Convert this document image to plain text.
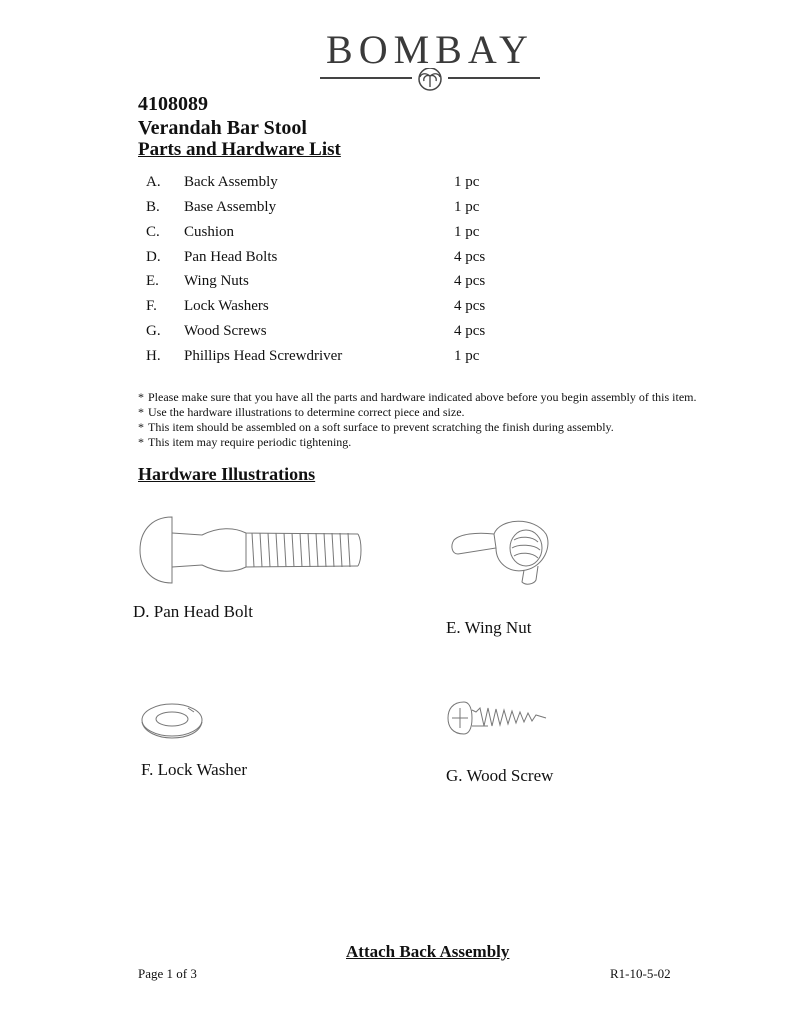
BOMBAY
4108089
Verandah Bar Stool
Parts and Hardware List
A. Back Assembly	1 pc
B. Base Assembly	1 pc
C. Cushion	1 pc
D. Pan Head Bolts	4 pcs
E. Wing Nuts	4 pcs
F. Lock Washers	4 pcs
G. Wood Screws	4 pcs
H. Phillips Head Screwdriver	1 pc
* Please make sure that you have all the parts and hardware indicated above before you begin assembly of this item.
* Use the hardware illustrations to determine correct piece and size.
* This item should be assembled on a soft surface to prevent scratching the finish during assembly.
* This item may require periodic tightening.
Hardware Illustrations
D. Pan Head Bolt
E. Wing Nut
F. Lock Washer	G. Wood Screw
Attach Back Assembly
Page 1 of 3	R1-10-5-02
